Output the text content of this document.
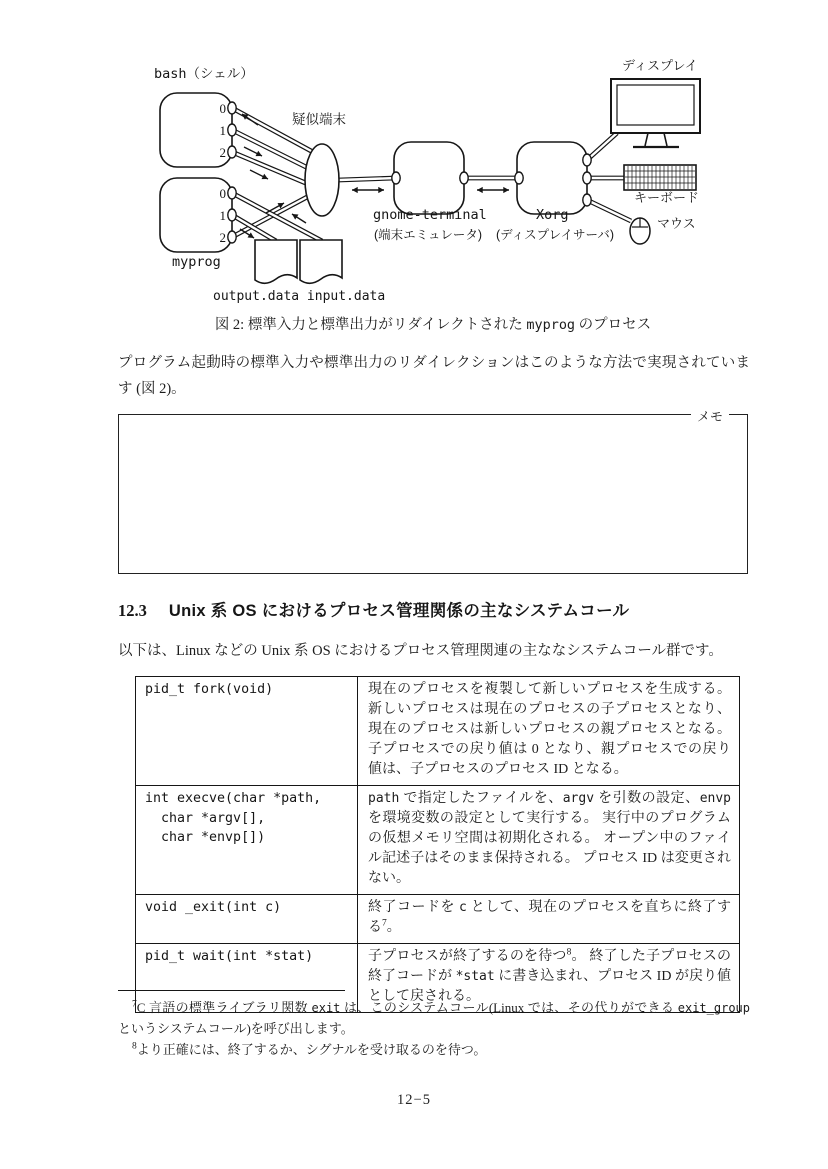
bash（シェル）
0
1
2
0
1
2
疑似端末
myprog
output.data input.data
gnome-terminal
(端末エミュレータ)
Xorg
(ディスプレイサーバ)
ディスプレイ
キーボード
マウス
図 2: 標準入力と標準出力がリダイレクトされた myprog のプロセス
プログラム起動時の標準入力や標準出力のリダイレクションはこのような方法で実現されています (図 2)。
メモ
12.3 Unix 系 OS におけるプロセス管理関係の主なシステムコール
以下は、Linux などの Unix 系 OS におけるプロセス管理関連の主ななシステムコール群です。
pid_t fork(void)	現在のプロセスを複製して新しいプロセスを生成する。 新しいプロセスは現在のプロセスの子プロセスとなり、現在のプロセスは新しいプロセスの親プロセスとなる。 子プロセスでの戻り値は 0 となり、親プロセスでの戻り値は、子プロセスのプロセス ID となる。

int execve(char *path,
char *argv[],
char *envp[])	path で指定したファイルを、argv を引数の設定、envp を環境変数の設定として実行する。 実行中のプログラムの仮想メモリ空間は初期化される。 オープン中のファイル記述子はそのまま保持される。 プロセス ID は変更されない。

void _exit(int c)	終了コードを c として、現在のプロセスを直ちに終了する$^7$。

pid_t wait(int *stat)	子プロセスが終了するのを待つ$^8$。 終了した子プロセスの終了コードが *stat に書き込まれ、プロセス ID が戻り値として戻される。
$^7$C 言語の標準ライブラリ関数 exit は、このシステムコール(Linux では、その代りができる exit_group というシステムコール)を呼び出します。
$^8$より正確には、終了するか、シグナルを受け取るのを待つ。
12−5
